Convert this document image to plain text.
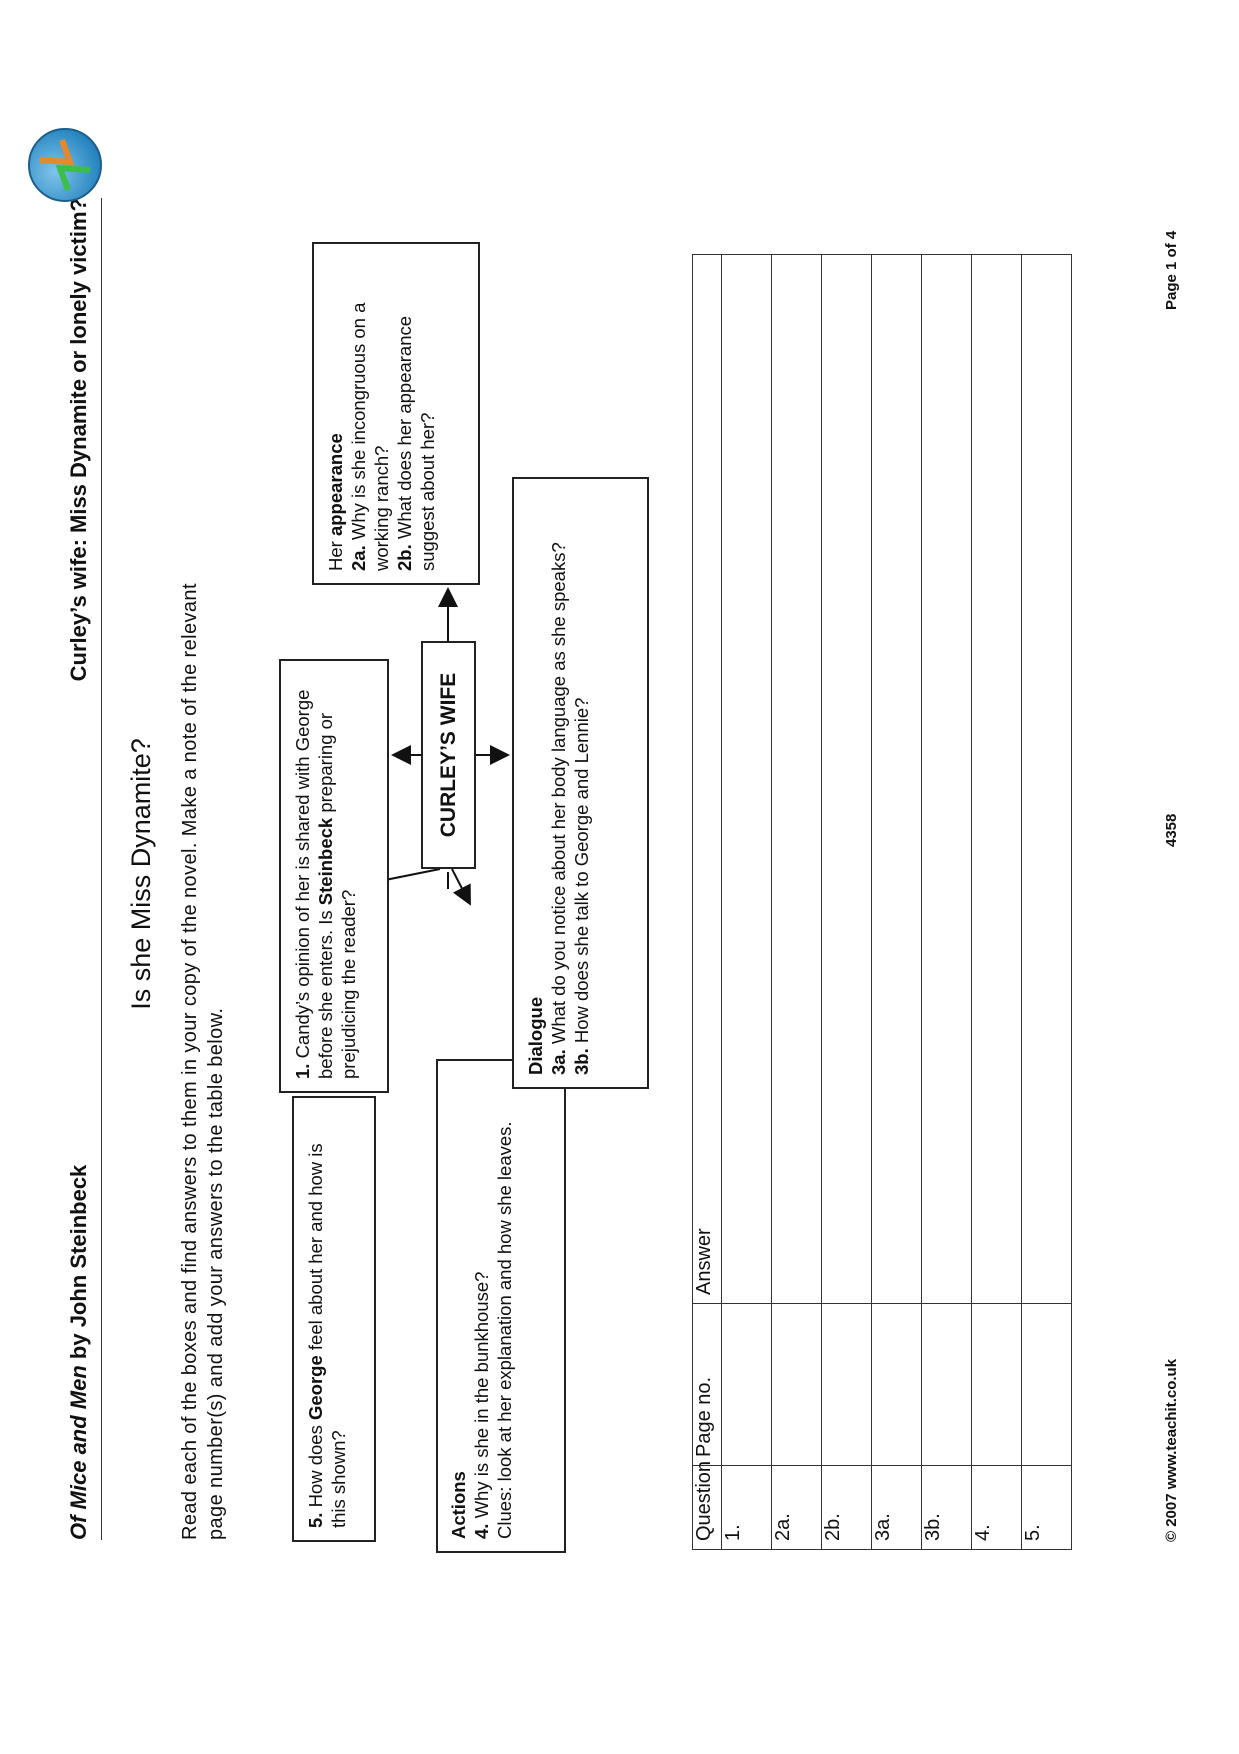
Of Mice and Men by John Steinbeck
Curley’s wife: Miss Dynamite or lonely victim?
Is she Miss Dynamite? Read each of the boxes and find answers to them in your copy of the novel. Make a note of the relevant page number(s) and add your answers to the table below.	5. How does George feel about her and how is this shown?	Actions 4. Why is she in the bunkhouse? Clues: look at her explanation and how she leaves.
1. Candy’s opinion of her is shared with George before she enters. Is Steinbeck preparing or prejudicing the reader?
CURLEY’S WIFE
Her appearance
2a. Why is she incongruous on a working ranch? 2b. What does her appearance suggest about her?
Dialogue 3a. What do you notice about her body language as she speaks?
3b. How does she talk to George and Lennie?
Question	Page no.	Answer
1.		
2a.		
2b.		
3a.		
3b.		
4.		
5.			© 2007 www.teachit.co.uk
4358
Page 1 of 4
